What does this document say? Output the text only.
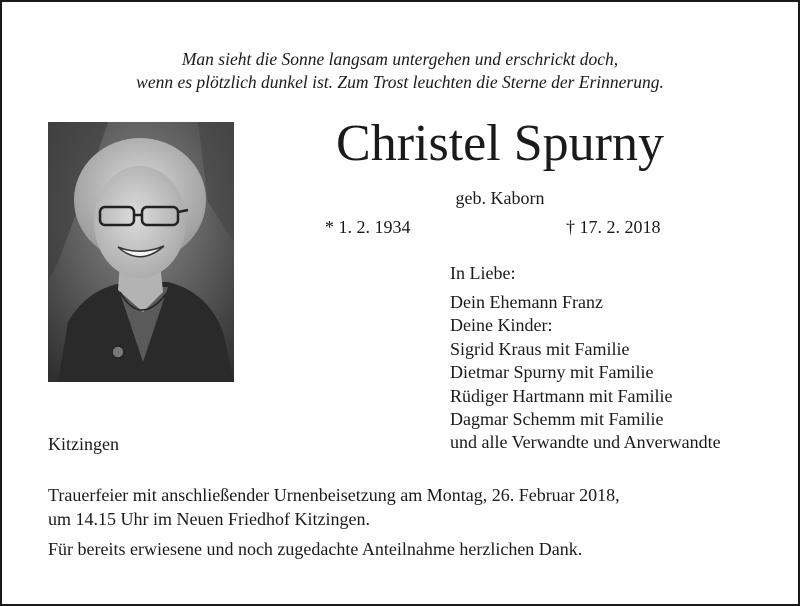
Man sieht die Sonne langsam untergehen und erschrickt doch,
wenn es plötzlich dunkel ist. Zum Trost leuchten die Sterne der Erinnerung.
Christel Spurny
geb. Kaborn
* 1. 2. 1934	† 17. 2. 2018
In Liebe:
Dein Ehemann Franz
Deine Kinder:
Sigrid Kraus mit Familie
Dietmar Spurny mit Familie
Rüdiger Hartmann mit Familie
Dagmar Schemm mit Familie
und alle Verwandte und Anverwandte
Kitzingen
Trauerfeier mit anschließender Urnenbeisetzung am Montag, 26. Februar 2018,
um 14.15 Uhr im Neuen Friedhof Kitzingen.
Für bereits erwiesene und noch zugedachte Anteilnahme herzlichen Dank.
